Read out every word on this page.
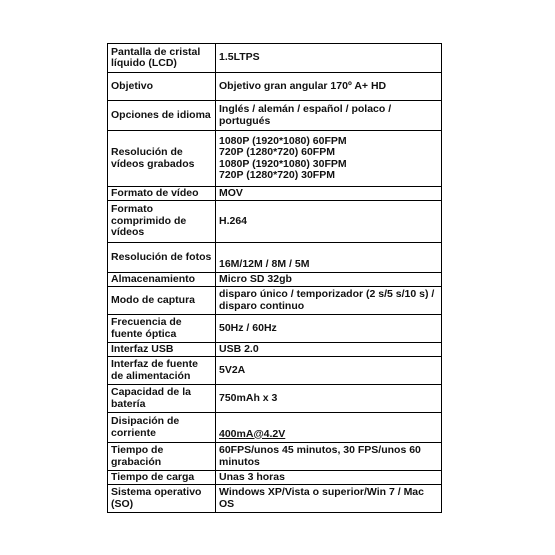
Pantalla de cristal líquido (LCD)	1.5LTPS
Objetivo	Objetivo gran angular 170º A+ HD
Opciones de idioma	Inglés / alemán / español / polaco / portugués
Resolución de vídeos grabados	1080P (1920*1080) 60FPM
720P (1280*720) 60FPM
1080P (1920*1080) 30FPM
720P (1280*720) 30FPM

Formato de vídeo	MOV
Formato comprimido de vídeos	H.264
Resolución de fotos	16M/12M / 8M / 5M
Almacenamiento	Micro SD 32gb
Modo de captura	disparo único / temporizador (2 s/5 s/10 s) / disparo continuo
Frecuencia de fuente óptica	50Hz / 60Hz
Interfaz USB	USB 2.0
Interfaz de fuente de alimentación	5V2A
Capacidad de la batería	750mAh x 3
Disipación de corriente	400mA@4.2V
Tiempo de grabación	60FPS/unos 45 minutos, 30 FPS/unos 60 minutos
Tiempo de carga	Unas 3 horas
Sistema operativo (SO)	Windows XP/Vista o superior/Win 7 / Mac OS
